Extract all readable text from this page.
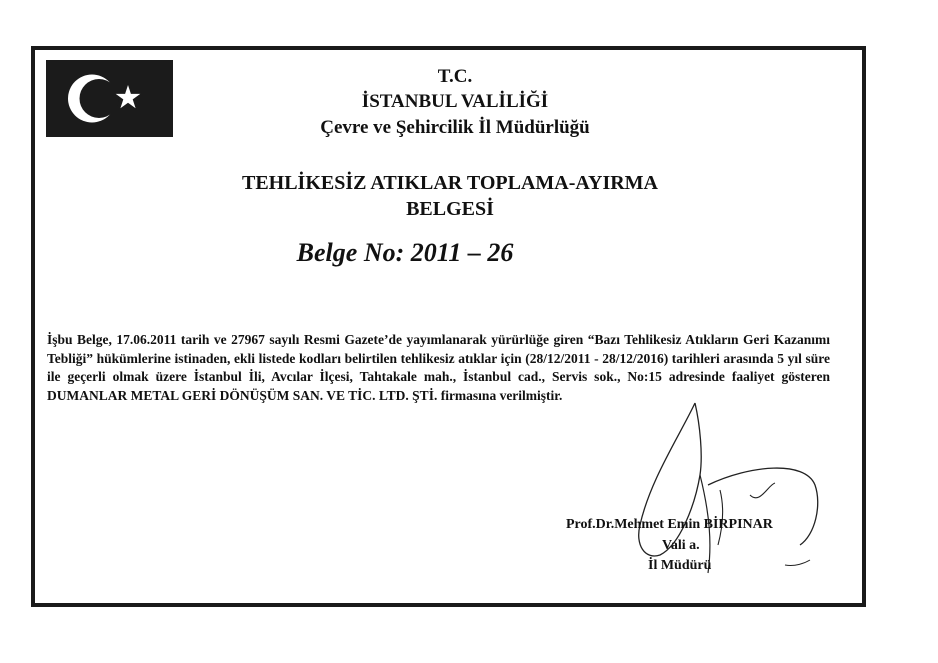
T.C.
İSTANBUL VALİLİĞİ
Çevre ve Şehircilik İl Müdürlüğü
TEHLİKESİZ ATIKLAR TOPLAMA-AYIRMA
BELGESİ
Belge No: 2011 – 26
İşbu Belge, 17.06.2011 tarih ve 27967 sayılı Resmi Gazete’de yayımlanarak yürürlüğe giren “Bazı Tehlikesiz Atıkların Geri Kazanımı Tebliği” hükümlerine istinaden, ekli listede kodları belirtilen tehlikesiz atıklar için (28/12/2011 - 28/12/2016) tarihleri arasında 5 yıl süre ile geçerli olmak üzere İstanbul İli, Avcılar İlçesi, Tahtakale mah., İstanbul cad., Servis sok., No:15 adresinde faaliyet gösteren DUMANLAR METAL GERİ DÖNÜŞÜM SAN. VE TİC. LTD. ŞTİ. firmasına verilmiştir.
Prof.Dr.Mehmet Emin BİRPINAR
Vali a.
İl Müdürü
